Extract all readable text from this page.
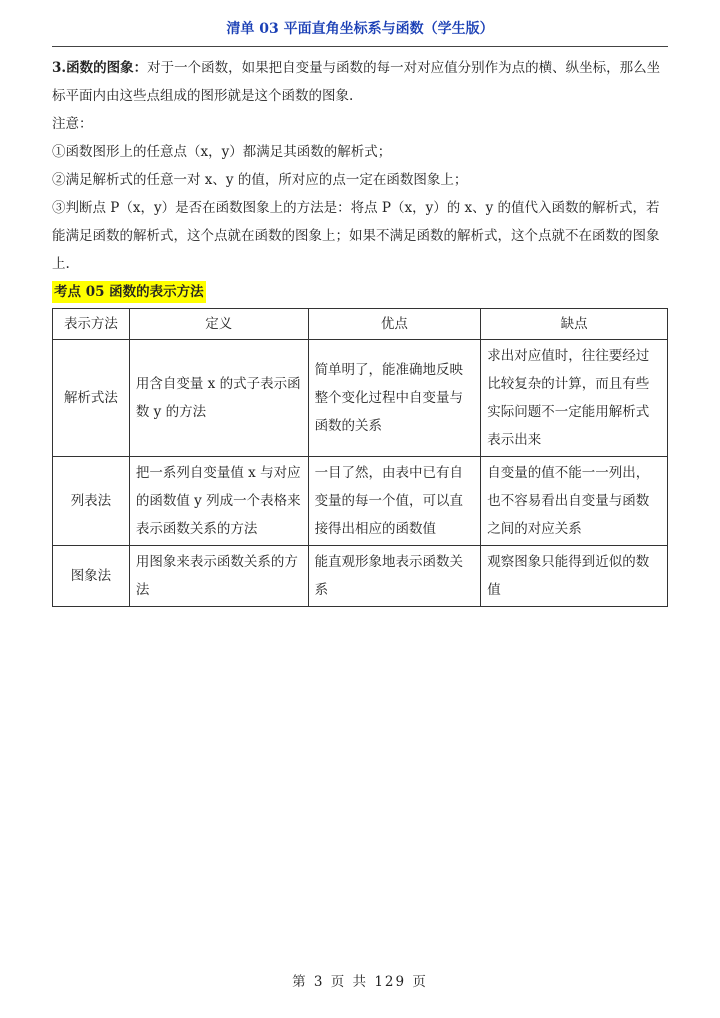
清单 03 平面直角坐标系与函数（学生版）

3.函数的图象：对于一个函数，如果把自变量与函数的每一对对应值分别作为点的横、纵坐标，那么坐标平面内由这些点组成的图形就是这个函数的图象.

注意：

①函数图形上的任意点（x，y）都满足其函数的解析式；

②满足解析式的任意一对 x、y 的值，所对应的点一定在函数图象上；

③判断点 P（x，y）是否在函数图象上的方法是：将点 P（x，y）的 x、y 的值代入函数的解析式，若能满足函数的解析式，这个点就在函数的图象上；如果不满足函数的解析式，这个点就不在函数的图象上.

考点 05 函数的表示方法
表示方法	定义	优点	缺点
解析式法	用含自变量 x 的式子表示函数 y 的方法	简单明了，能准确地反映整个变化过程中自变量与函数的关系	求出对应值时，往往要经过比较复杂的计算，而且有些实际问题不一定能用解析式表示出来
列表法	把一系列自变量值 x 与对应的函数值 y 列成一个表格来表示函数关系的方法	一目了然，由表中已有自变量的每一个值，可以直接得出相应的函数值	自变量的值不能一一列出，也不容易看出自变量与函数之间的对应关系
图象法	用图象来表示函数关系的方法	能直观形象地表示函数关系	观察图象只能得到近似的数值
第 3 页 共 129 页
